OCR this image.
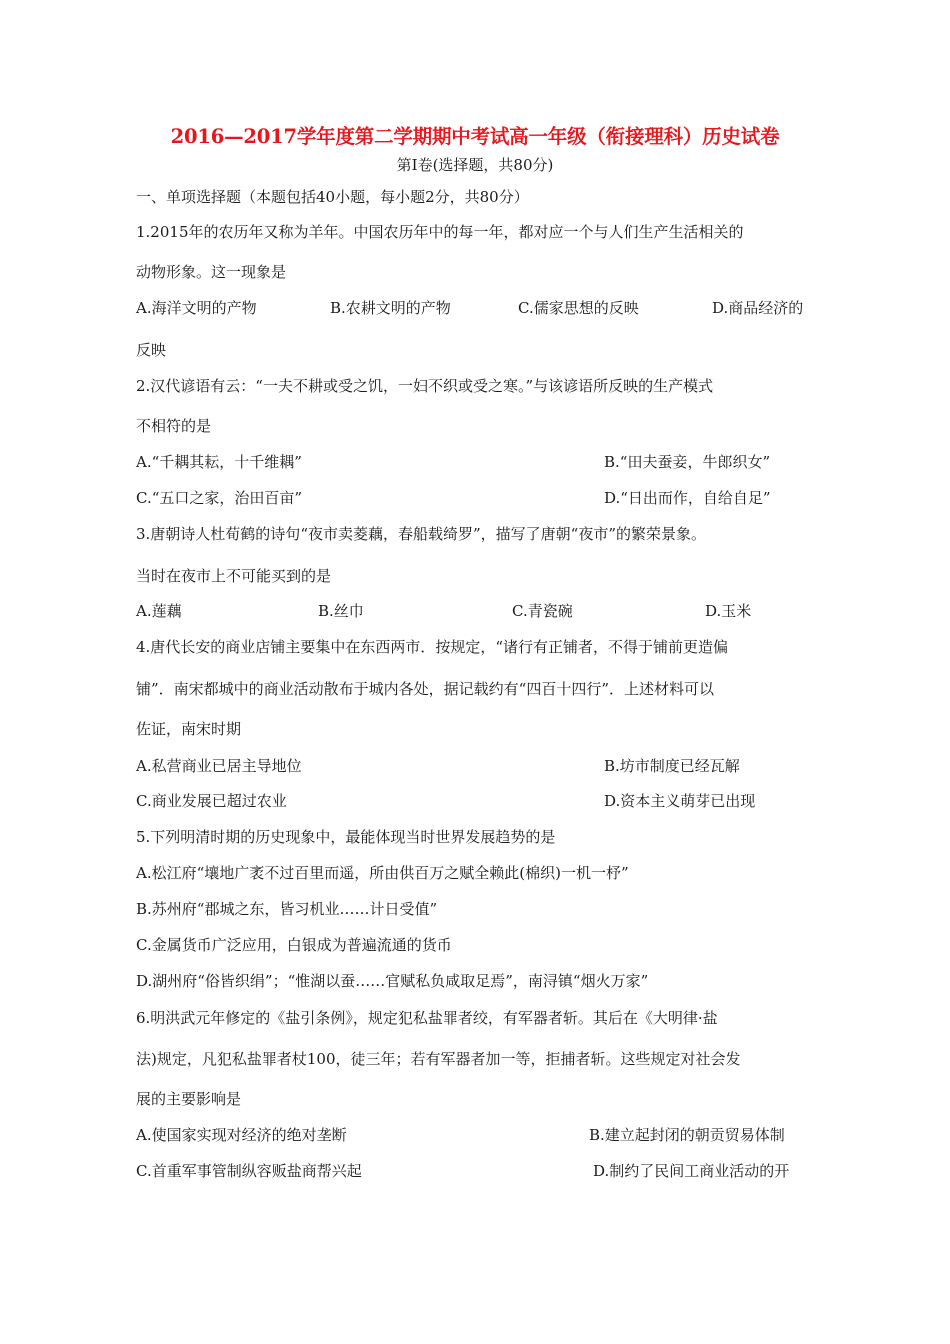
2016—2017学年度第二学期期中考试高一年级（衔接理科）历史试卷
第Ⅰ卷(选择题，共80分)
一、单项选择题（本题包括40小题，每小题2分，共80分）
1.2015年的农历年又称为羊年。中国农历年中的每一年，都对应一个与人们生产生活相关的
动物形象。这一现象是
A.海洋文明的产物	B.农耕文明的产物	C.儒家思想的反映	D.商品经济的
反映
2.汉代谚语有云：“一夫不耕或受之饥，一妇不织或受之寒。”与该谚语所反映的生产模式
不相符的是
A.“千耦其耘，十千维耦”	B.“田夫蚕妾，牛郎织女”
C.“五口之家，治田百亩”	D.“日出而作，自给自足”
3.唐朝诗人杜荀鹤的诗句“夜市卖菱藕，春船载绮罗”，描写了唐朝“夜市”的繁荣景象。
当时在夜市上不可能买到的是
A.莲藕	B.丝巾	C.青瓷碗	D.玉米
4.唐代长安的商业店铺主要集中在东西两市．按规定，“诸行有正铺者，不得于铺前更造偏
铺”．南宋都城中的商业活动散布于城内各处，据记载约有“四百十四行”．上述材料可以
佐证，南宋时期
A.私营商业已居主导地位	B.坊市制度已经瓦解
C.商业发展已超过农业	D.资本主义萌芽已出现
5.下列明清时期的历史现象中，最能体现当时世界发展趋势的是
A.松江府“壤地广袤不过百里而遥，所由供百万之赋全赖此(棉织)一机一杼”
B.苏州府“郡城之东，皆习机业……计日受值”
C.金属货币广泛应用，白银成为普遍流通的货币
D.湖州府“俗皆织绢”；“惟湖以蚕……官赋私负咸取足焉”，南浔镇“烟火万家”
6.明洪武元年修定的《盐引条例》，规定犯私盐罪者绞，有军器者斩。其后在《大明律·盐
法)规定，凡犯私盐罪者杖100，徒三年；若有军器者加一等，拒捕者斩。这些规定对社会发
展的主要影响是
A.使国家实现对经济的绝对垄断	B.建立起封闭的朝贡贸易体制
C.首重军事管制纵容贩盐商帮兴起	D.制约了民间工商业活动的开
